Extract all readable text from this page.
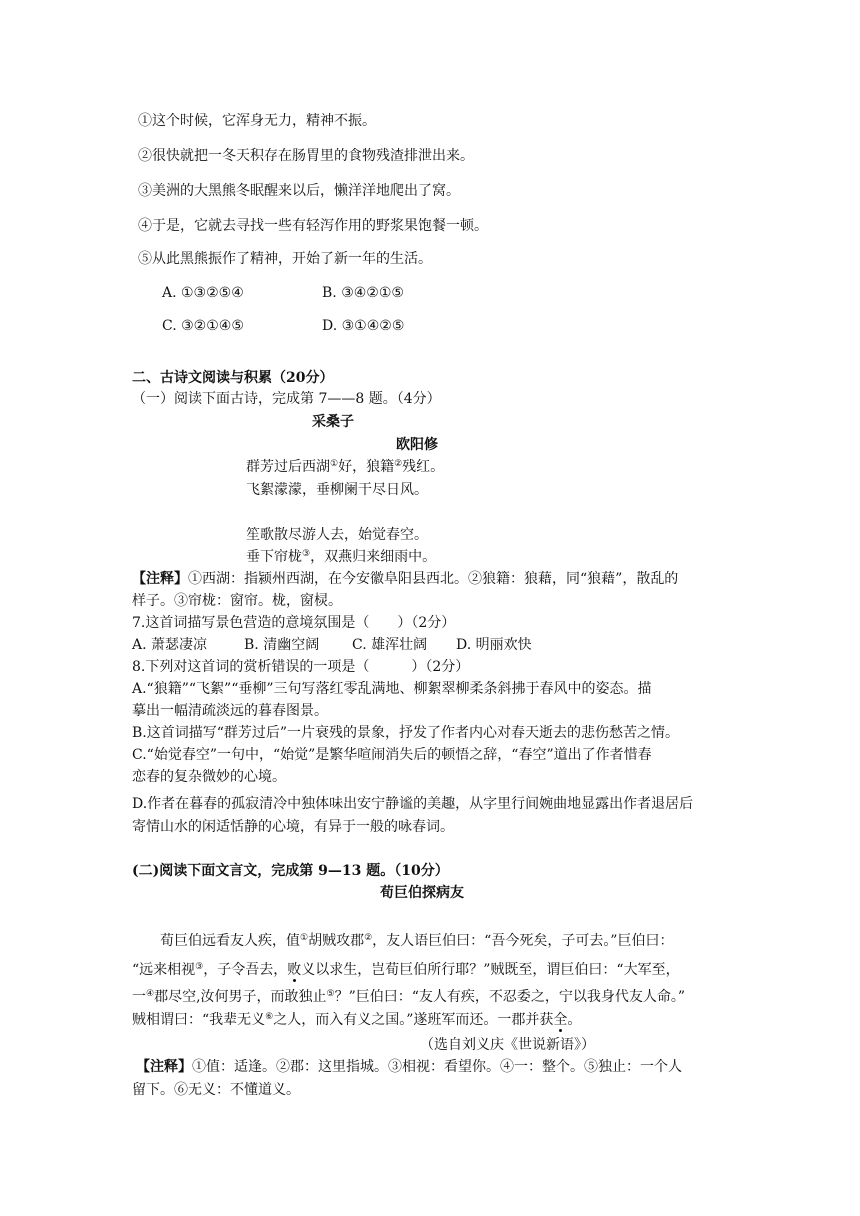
①这个时候，它浑身无力，精神不振。
②很快就把一冬天积存在肠胃里的食物残渣排泄出来。
③美洲的大黑熊冬眠醒来以后，懒洋洋地爬出了窝。
④于是，它就去寻找一些有轻泻作用的野浆果饱餐一顿。
⑤从此黑熊振作了精神，开始了新一年的生活。
A. ①③②⑤④	B. ③④②①⑤
C. ③②①④⑤	D. ③①④②⑤
二、古诗文阅读与积累（20分）
（一）阅读下面古诗，完成第 7——8 题。（4分）
采桑子
欧阳修
群芳过后西湖①好，狼籍②残红。
飞絮濛濛，垂柳阑干尽日风。
笙歌散尽游人去，始觉春空。
垂下帘栊③，双燕归来细雨中。
【注释】①西湖：指颍州西湖，在今安徽阜阳县西北。②狼籍：狼藉，同“狼藉”，散乱的
样子。③帘栊：窗帘。栊，窗棂。
7.这首词描写景色营造的意境氛围是（　　）（2分）
A. 萧瑟凄凉	B. 清幽空阔 C. 雄浑壮阔 D. 明丽欢快
8.下列对这首词的赏析错误的一项是（　　　）（2分）
A.“狼籍”“飞絮”“垂柳”三句写落红零乱满地、柳絮翠柳柔条斜拂于春风中的姿态。描
摹出一幅清疏淡远的暮春图景。
B.这首词描写“群芳过后”一片衰残的景象，抒发了作者内心对春天逝去的悲伤愁苦之情。
C.“始觉春空”一句中，“始觉”是繁华喧闹消失后的顿悟之辞，“春空”道出了作者惜春
恋春的复杂微妙的心境。
D.作者在暮春的孤寂清冷中独体味出安宁静谧的美趣，从字里行间婉曲地显露出作者退居后
寄情山水的闲适恬静的心境，有异于一般的咏春词。
(二)阅读下面文言文，完成第 9—13 题。（10分）
荀巨伯探病友
荀巨伯远看友人疾，值①胡贼攻郡②，友人语巨伯曰：“吾今死矣，子可去。”巨伯曰：
“远来相视③，子令吾去，败义以求生，岂荀巨伯所行耶？”贼既至，谓巨伯曰：“大军至，
一④郡尽空,汝何男子，而敢独止⑤？”巨伯曰：“友人有疾，不忍委之，宁以我身代友人命。”
贼相谓曰：“我辈无义⑥之人，而入有义之国。”遂班军而还。一郡并获全。
（选自刘义庆《世说新语》）
【注释】①值：适逢。②郡：这里指城。③相视：看望你。④一：整个。⑤独止：一个人
留下。⑥无义：不懂道义。
